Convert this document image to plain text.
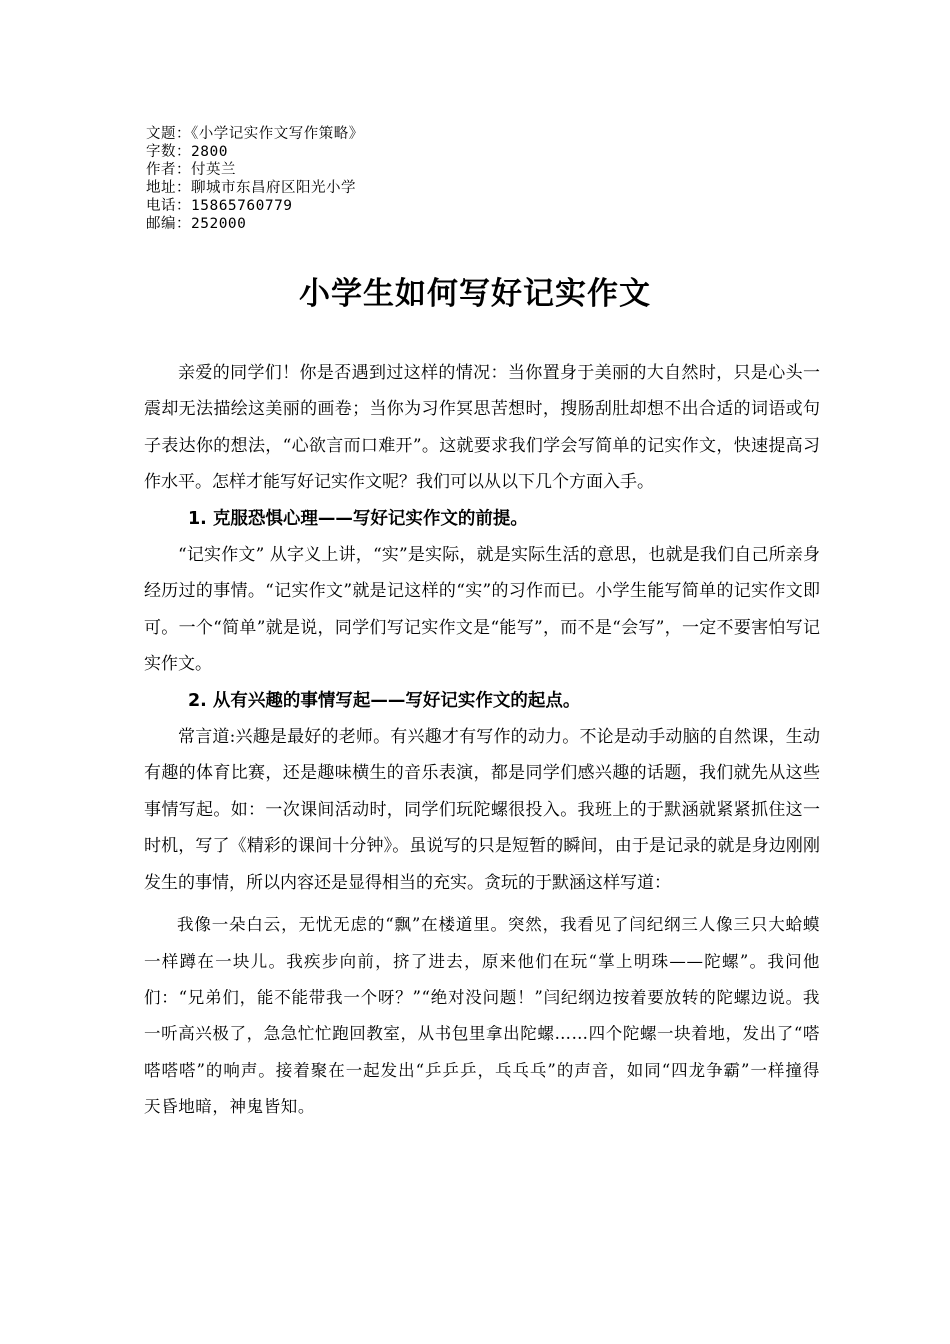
文题：《小学记实作文写作策略》
字数：2800
作者：付英兰
地址：聊城市东昌府区阳光小学
电话：15865760779
邮编：252000
小学生如何写好记实作文

亲爱的同学们！你是否遇到过这样的情况：当你置身于美丽的大自然时，只是心头一震却无法描绘这美丽的画卷；当你为习作冥思苦想时，搜肠刮肚却想不出合适的词语或句子表达你的想法，“心欲言而口难开”。这就要求我们学会写简单的记实作文，快速提高习作水平。怎样才能写好记实作文呢？我们可以从以下几个方面入手。

1. 克服恐惧心理——写好记实作文的前提。

“记实作文” 从字义上讲，“实”是实际，就是实际生活的意思，也就是我们自己所亲身经历过的事情。“记实作文”就是记这样的“实”的习作而已。小学生能写简单的记实作文即可。一个“简单”就是说，同学们写记实作文是“能写”，而不是“会写”，一定不要害怕写记实作文。

2. 从有兴趣的事情写起——写好记实作文的起点。

常言道:兴趣是最好的老师。有兴趣才有写作的动力。不论是动手动脑的自然课，生动有趣的体育比赛，还是趣味横生的音乐表演，都是同学们感兴趣的话题，我们就先从这些事情写起。如：一次课间活动时，同学们玩陀螺很投入。我班上的于默涵就紧紧抓住这一时机，写了《精彩的课间十分钟》。虽说写的只是短暂的瞬间，由于是记录的就是身边刚刚发生的事情，所以内容还是显得相当的充实。贪玩的于默涵这样写道：

我像一朵白云，无忧无虑的“飘”在楼道里。突然，我看见了闫纪纲三人像三只大蛤蟆一样蹲在一块儿。我疾步向前，挤了进去，原来他们在玩“掌上明珠——陀螺”。我问他们：“兄弟们，能不能带我一个呀？”“绝对没问题！”闫纪纲边按着要放转的陀螺边说。我一听高兴极了，急急忙忙跑回教室，从书包里拿出陀螺……四个陀螺一块着地，发出了“嗒嗒嗒嗒”的响声。接着聚在一起发出“乒乒乒，乓乓乓”的声音，如同“四龙争霸”一样撞得天昏地暗，神鬼皆知。
